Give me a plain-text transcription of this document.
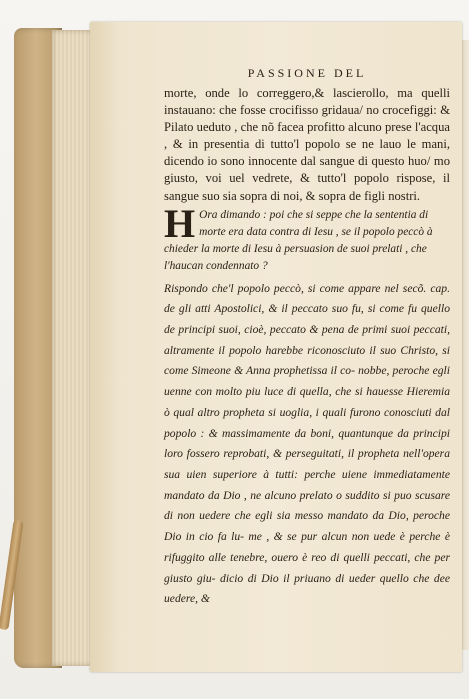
PASSIONE DEL

morte, onde lo correggero,& lascierollo, ma quelli instauano: che fosse crocifisso gridaua/ no crocefiggi: & Pilato ueduto , che nõ facea profitto alcuno prese l'acqua , & in presentia di tutto'l popolo se ne lauo le mani, dicendo io sono innocente dal sangue di questo huo/ mo giusto, voi uel vedrete, & tutto'l popolo rispose, il sangue suo sia sopra di noi, & sopra de figli nostri.

H Ora dimando : poi che si seppe che la sententia di morte era data contra di Iesu , se il popolo peccò à
chieder la morte di Iesu à persuasion de suoi prelati , che l'haucan condennato ?
Rispondo che'l popolo peccò, si come appare nel secõ. cap. de gli atti Apostolici, & il peccato suo fu, si come fu quello de principi suoi, cioè, peccato & pena de primi suoi peccati, altramente il popolo harebbe riconosciuto il suo Christo, si come Simeone & Anna prophetissa il co- nobbe, peroche egli uenne con molto piu luce di quella, che si hauesse Hieremia ò qual altro propheta si uoglia, i quali furono conosciuti dal popolo : & massimamente da boni, quantunque da principi loro fossero reprobati, & perseguitati, il propheta nell'opera sua uien superiore à tutti: perche uiene immediatamente mandato da Dio , ne alcuno prelato o suddito si puo scusare di non uedere che egli sia messo mandato da Dio, peroche Dio in cio fa lu- me , & se pur alcun non uede è perche è rifuggito alle tenebre, ouero è reo di quelli peccati, che per giusto giu- dicio di Dio il priuano di ueder quello che dee uedere, &
